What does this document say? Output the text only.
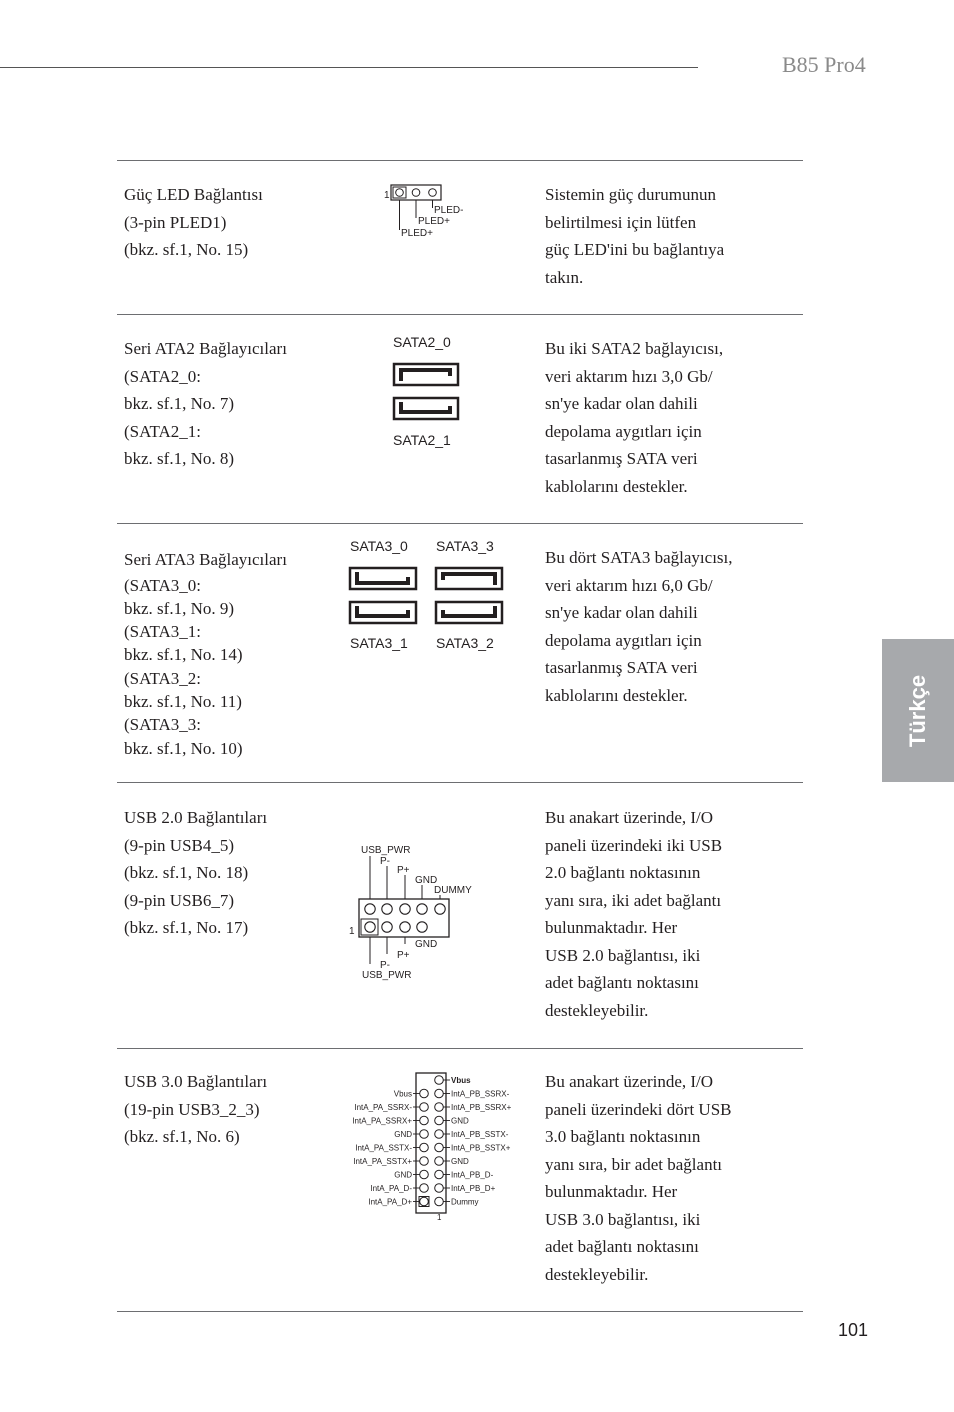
B85 Pro4
Türkçe
Güç LED Bağlantısı
(3-pin PLED1)
(bkz. sf.1, No. 15)
Sistemin güç durumunun
belirtilmesi için lütfen
güç LED'ini bu bağlantıya
takın.
1
PLED-
PLED+
PLED+
Seri ATA2 Bağlayıcıları
(SATA2_0:
bkz. sf.1, No. 7)
(SATA2_1:
bkz. sf.1, No. 8)
Bu iki SATA2 bağlayıcısı,
veri aktarım hızı 3,0 Gb/
sn'ye kadar olan dahili
depolama aygıtları için
tasarlanmış SATA veri
kablolarını destekler.
SATA2_0
SATA2_1
Seri ATA3 Bağlayıcıları
(SATA3_0:
bkz. sf.1, No. 9)
(SATA3_1:
bkz. sf.1, No. 14)
(SATA3_2:
bkz. sf.1, No. 11)
(SATA3_3:
bkz. sf.1, No. 10)
Bu dört SATA3 bağlayıcısı,
veri aktarım hızı 6,0 Gb/
sn'ye kadar olan dahili
depolama aygıtları için
tasarlanmış SATA veri
kablolarını destekler.
SATA3_0 SATA3_3
SATA3_1 SATA3_2
USB 2.0 Bağlantıları
(9-pin USB4_5)
(bkz. sf.1, No. 18)
(9-pin USB6_7)
(bkz. sf.1, No. 17)
Bu anakart üzerinde, I/O
paneli üzerindeki iki USB
2.0 bağlantı noktasının
yanı sıra, iki adet bağlantı
bulunmaktadır. Her
USB 2.0 bağlantısı, iki
adet bağlantı noktasını
destekleyebilir.
USB_PWR
P-
P+
GND
DUMMY
1
GND
P+
P-
USB_PWR
USB 3.0 Bağlantıları
(19-pin USB3_2_3)
(bkz. sf.1, No. 6)
Bu anakart üzerinde, I/O
paneli üzerindeki dört USB
3.0 bağlantı noktasının
yanı sıra, bir adet bağlantı
bulunmaktadır. Her
USB 3.0 bağlantısı, iki
adet bağlantı noktasını
destekleyebilir.
Vbus
IntA_PB_SSRX-
IntA_PB_SSRX+
GND
IntA_PB_SSTX-
IntA_PB_SSTX+
GND
IntA_PB_D-
IntA_PB_D+
Dummy
Vbus
IntA_PA_SSRX-
IntA_PA_SSRX+
GND
IntA_PA_SSTX-
IntA_PA_SSTX+
GND
IntA_PA_D-
IntA_PA_D+
1
101
